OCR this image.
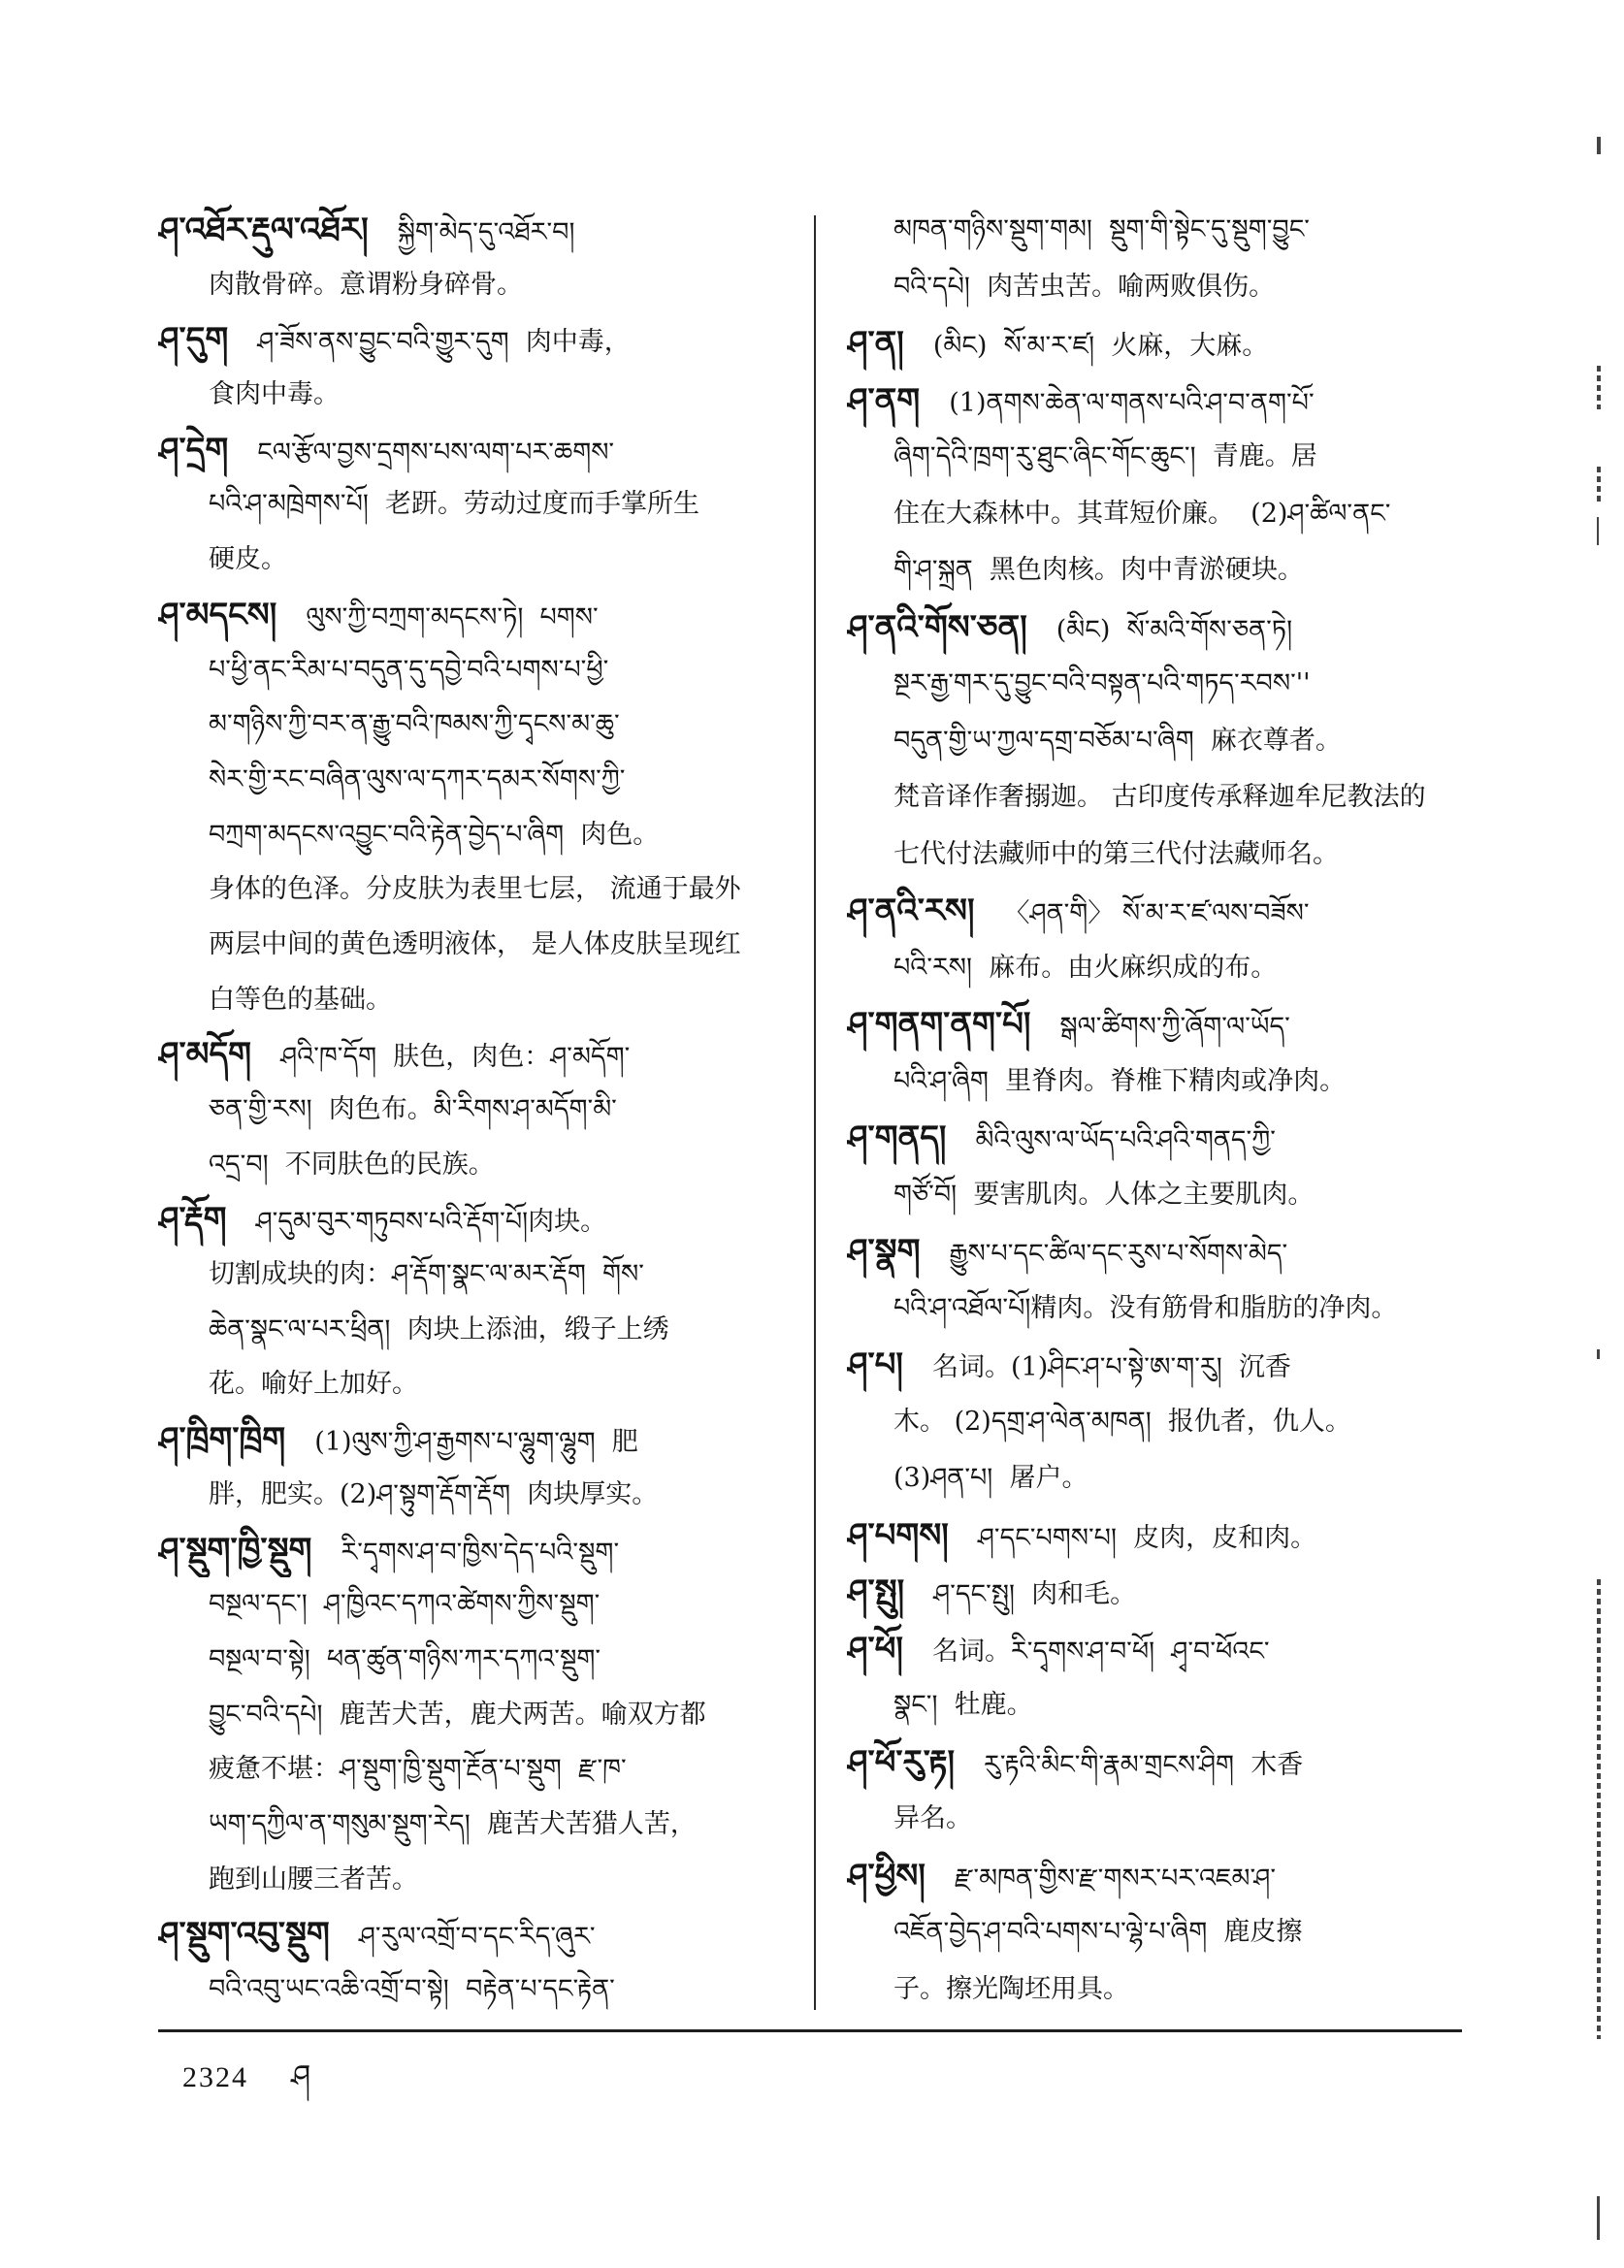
ཤ་འཐོར་རྡུལ་འཐོར། སྐྱིག་མེད་དུ་འཐོར་བ།
肉散骨碎。意谓粉身碎骨。
ཤ་དུག ཤ་ཟོས་ནས་བྱུང་བའི་གྱུར་དུག  肉中毒，
食肉中毒。
ཤ་དྲེག ངལ་རྩོལ་བྱས་དྲགས་པས་ལག་པར་ཆགས་
པའི་ཤ་མཁྲེགས་པོ།  老趼。劳动过度而手掌所生
硬皮。
ཤ་མདངས། ལུས་ཀྱི་བཀྲག་མདངས་ཏེ།  པགས་
པ་ཕྱི་ནང་རིམ་པ་བདུན་དུ་དབྱེ་བའི་པགས་པ་ཕྱི་
མ་གཉིས་ཀྱི་བར་ན་རྒྱུ་བའི་ཁམས་ཀྱི་དྭངས་མ་ཆུ་
སེར་གྱི་རང་བཞིན་ལུས་ལ་དཀར་དམར་སོགས་ཀྱི་
བཀྲག་མདངས་འབྱུང་བའི་རྟེན་བྱེད་པ་ཞིག  肉色。
身体的色泽。分皮肤为表里七层， 流通于最外
两层中间的黄色透明液体， 是人体皮肤呈现红
白等色的基础。
ཤ་མདོག ཤའི་ཁ་དོག  肤色，肉色：ཤ་མདོག་
ཅན་གྱི་རས།  肉色布。མི་རིགས་ཤ་མདོག་མི་
འདྲ་བ།  不同肤色的民族。
ཤ་རྡོག ཤ་དུམ་བུར་གཏུབས་པའི་རྡོག་པོ།肉块。
切割成块的肉：ཤ་རྡོག་སྣང་ལ་མར་རྡོག  གོས་
ཆེན་སྣང་ལ་པར་ཕྲིན།  肉块上添油，缎子上绣
花。喻好上加好。
ཤ་ཁྲིག་ཁྲིག (1)ལུས་ཀྱི་ཤ་རྒྱགས་པ་ལྷུག་ལྷུག  肥
胖，肥实。(2)ཤ་སྟུག་རྡོག་རྡོག  肉块厚实。
ཤ་སྡུག་ཁྱི་སྡུག རི་དྭགས་ཤ་བ་ཁྱིས་དེད་པའི་སྡུག་
བསྔལ་དང་།  ཤ་ཁྱིའང་དཀའ་ཚེགས་ཀྱིས་སྡུག་
བསྔལ་བ་སྟེ།  ཕན་ཚུན་གཉིས་ཀར་དཀའ་སྡུག་
བྱུང་བའི་དཔེ།  鹿苦犬苦，鹿犬两苦。喻双方都
疲惫不堪：ཤ་སྡུག་ཁྱི་སྡུག་རྔོན་པ་སྡུག  རྫ་ཁ་
ཡག་དཀྱིལ་ན་གསུམ་སྡུག་རེད།  鹿苦犬苦猎人苦，
跑到山腰三者苦。
ཤ་སྡུག་འབུ་སྡུག ཤ་རུལ་འགྲོ་བ་དང་རིད་ཞུར་
བའི་འབུ་ཡང་འཆི་འགྲོ་བ་སྟེ།  བརྟེན་པ་དང་རྟེན་
མཁན་གཉིས་སྡུག་གམ།  སྡུག་གི་སྟེང་དུ་སྡུག་བྱུང་
བའི་དཔེ།  肉苦虫苦。喻两败俱伤。
ཤ་ན། (མིང)  སོ་མ་ར་ཛ།  火麻，大麻。
ཤ་ནག (1)ནགས་ཆེན་ལ་གནས་པའི་ཤ་བ་ནག་པོ་
ཞིག་དེའི་ཁྲག་རུ་ཐུང་ཞིང་གོང་ཆུང་།  青鹿。居
住在大森林中。其茸短价廉。  (2)ཤ་ཚིལ་ནང་
གི་ཤ་སྐྲན  黑色肉核。肉中青淤硬块。
ཤ་ནའི་གོས་ཅན། (མིང)  སོ་མའི་གོས་ཅན་ཏེ།
སྔར་རྒྱ་གར་དུ་བྱུང་བའི་བསྟན་པའི་གཏད་རབས་''
བདུན་གྱི་ཡ་ཀྱལ་དགྲ་བཅོམ་པ་ཞིག  麻衣尊者。
梵音译作奢搦迦。 古印度传承释迦牟尼教法的
七代付法藏师中的第三代付法藏师名。
ཤ་ནའི་རས། 〈ཤན་གི〉 སོ་མ་ར་ཛ་ལས་བཟོས་
པའི་རས།  麻布。由火麻织成的布。
ཤ་གནག་ནག་པོ། སྒལ་ཚིགས་ཀྱི་ཞོག་ལ་ཡོད་
པའི་ཤ་ཞིག  里脊肉。脊椎下精肉或净肉。
ཤ་གནད། མིའི་ལུས་ལ་ཡོད་པའི་ཤའི་གནད་ཀྱི་
གཙོ་བོ།  要害肌肉。人体之主要肌肉。
ཤ་སྣག རྒྱུས་པ་དང་ཚིལ་དང་རུས་པ་སོགས་མེད་
པའི་ཤ་འཐོལ་པོ།精肉。没有筋骨和脂肪的净肉。
ཤ་པ། 名词。(1)ཤིང་ཤ་པ་སྟེ་ཨ་ག་རུ།  沉香
木。 (2)དགྲ་ཤ་ལེན་མཁན།  报仇者，仇人。
(3)ཤན་པ།  屠户。
ཤ་པགས། ཤ་དང་པགས་པ།  皮肉，皮和肉。
ཤ་སྤུ། ཤ་དང་སྤུ།  肉和毛。
ཤ་ཕོ། 名词。རི་དྭགས་ཤ་བ་ཕོ།  ཤྭ་བ་ཕོའང་
སྣང་།  牡鹿。
ཤ་ཕོ་རུ་རྟ། རུ་རྟའི་མིང་གི་རྣམ་གྲངས་ཤིག  木香
异名。
ཤ་ཕྱིས། རྫ་མཁན་གྱིས་རྫ་གསར་པར་འཇམ་ཤ་
འཇོན་བྱེད་ཤ་བའི་པགས་པ་ལྷེ་པ་ཞིག  鹿皮擦
子。擦光陶坯用具。
2324 ཤ
